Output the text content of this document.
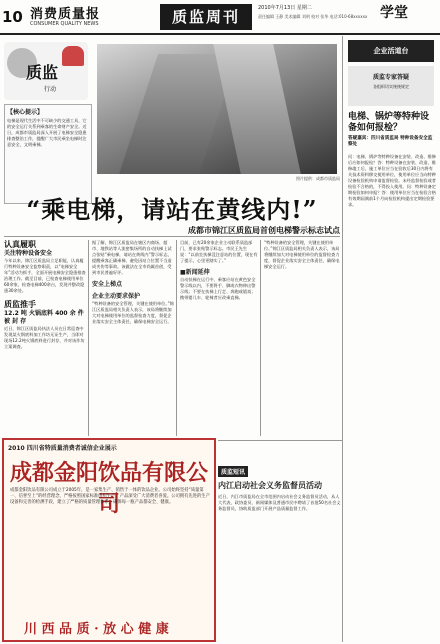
10 消费质量报
CONSUMER QUALITY NEWS	质监周刊	2010年7月13日 星期二
责任编辑 王静 美术编辑 刘明 校对 张华 电话:010-68xxxxxx 学堂
质监
行动
【核心提示】
电梯是现代生活中不可缺少的交通工具，它的安全运行关系到乘客的生命财产安全。近日，成都市质监局深入开展了电梯安全隐患排查整治工作，提醒广大市民乘坐电梯时注意安全，文明乘梯。
图片提供：成都市质监局
“乘电梯，请站在黄线内!”
成都市锦江区质监局首创电梯警示标志试点
认真履职
关注特种设备安全
今年以来，锦江区质监局立足职能，认真履行特种设备安全监察职责，以“电梯安全年”活动为抓手，全面开展电梯安全隐患排查治理工作。截至目前，已检查电梯使用单位60余家，检查电梯400余台，发现并整改隐患30余处。
质监推手
12.2 吨 火锅底料 400 余 件 被 封 存
近日，锦江区质监局执法人员在日常巡查中发现某火锅底料加工作坊无证生产，当即对现场12.2吨火锅底料进行封存，并对该作坊立案调查。
据了解，锦江区质监局在辖区内商场、超市、地铁站等人流密集场所的自动扶梯上试点张贴“乘电梯，请站在黄线内”警示标志，提醒乘客正确乘梯，避免因站立位置不当造成夹伤等事故。该做法在全市尚属首创，受到市民普遍好评。
安全上梯点
企业主动要求保护
“特种设备的安全管理，关键在使用单位。”锦江区质监局相关负责人表示，该局将继续加大对电梯使用单位的监督检查力度，督促企业落实安全主体责任，确保电梯安全运行。
目前，已有20余家企业主动联系质监部门，要求张贴警示标志。市民王先生说：“以前坐扶梯没注意站的位置，现在有了提示，心里更踏实了。”
■新闻延伸
自动扶梯在运行中，乘客应站在黄色安全警示线以内，不要将手、脚或衣物伸出警示线；不要在扶梯上行走、奔跑或嬉戏；携带婴儿车、轮椅者应改乘直梯。
“特种设备的安全管理，关键在使用单位。”锦江区质监局相关负责人表示，该局将继续加大对电梯使用单位的监督检查力度，督促企业落实安全主体责任，确保电梯安全运行。
2010 四川省特质量消费者诚信企业展示
成都金阳饮品有限公司
成都金阳饮品有限公司成立于2005年，是一家集生产、销售于一体的饮品企业。公司始终坚持“质量第一、信誉至上”的经营理念，严格按照国家标准组织生产，产品深受广大消费者喜爱。公司拥有先进的生产设备和完善的检测手段，建立了严格的质量管理体系，确保每一瓶产品都安全、健康。
川 西 品 质 · 放 心 健 康
质监短讯
内江启动社会义务监督员活动
近日，内江市质监局在全市范围内启动社会义务监督员活动，从人大代表、政协委员、新闻媒体及普通市民中聘请了首批50名社会义务监督员，协助质监部门开展产品质量监督工作。
企业活道台
质监专家答疑
各组织切实统统规定
电梯、锅炉等特种设备如何报检？
答疑嘉宾：四川省质监局 特种设备安全监察处
问：电梯、锅炉等特种设备在安装、改造、维修后应如何报检？答：特种设备在安装、改造、维修竣工后，施工单位应当在验收后30日内将有关技术资料移交使用单位，使用单位应当向特种设备检验机构申请监督检验。未经监督检验或者检验不合格的，不得投入使用。问：特种设备定期检验如何申报？答：使用单位应当在检验合格有效期届满前1个月向检验机构提出定期检验要求。
